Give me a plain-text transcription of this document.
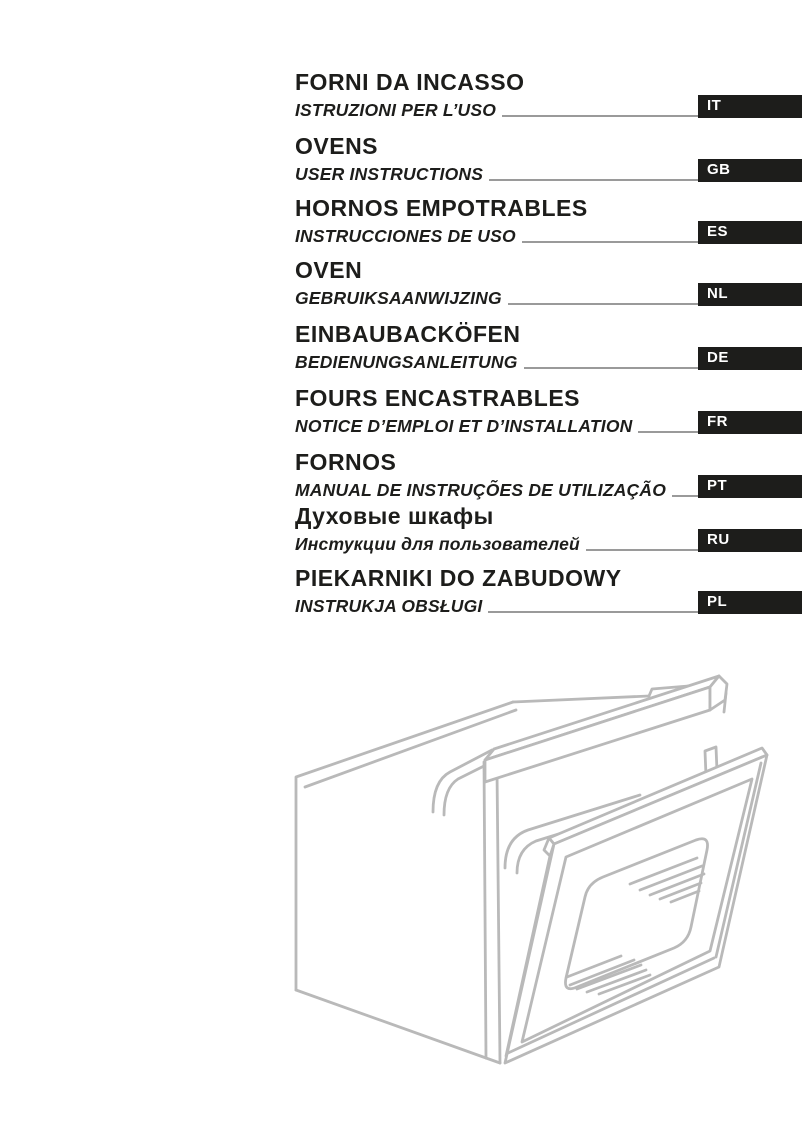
FORNI DA INCASSO
ISTRUZIONI PER L’USO	IT
OVENS
USER INSTRUCTIONS	GB
HORNOS EMPOTRABLES
INSTRUCCIONES DE USO	ES
OVEN
GEBRUIKSAANWIJZING	NL
EINBAUBACKÖFEN
BEDIENUNGSANLEITUNG	DE
FOURS ENCASTRABLES
NOTICE D’EMPLOI ET D’INSTALLATION	FR
FORNOS
MANUAL DE INSTRUÇÕES DE UTILIZAÇÃO	PT
Духовые шкафы
Инстукции для пользователей	RU
PIEKARNIKI DO ZABUDOWY
INSTRUKJA OBSŁUGI	PL
